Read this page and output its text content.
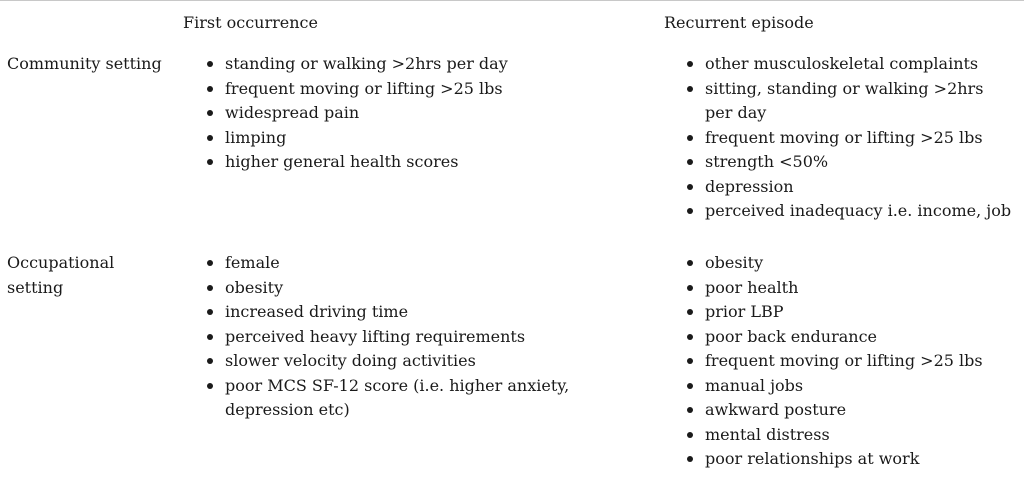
First occurrence	Recurrent episode
Community setting	standing or walking >2hrs per day
frequent moving or lifting >25 lbs
widespread pain
limping
higher general health scores
other musculoskeletal complaints
sitting, standing or walking >2hrs per day
frequent moving or lifting >25 lbs
strength <50%
depression
perceived inadequacy i.e. income, job
Occupational setting
female
obesity
increased driving time
perceived heavy lifting requirements
slower velocity doing activities
poor MCS SF-12 score (i.e. higher anxiety, depression etc)
obesity
poor health
prior LBP
poor back endurance
frequent moving or lifting >25 lbs
manual jobs
awkward posture
mental distress
poor relationships at work
